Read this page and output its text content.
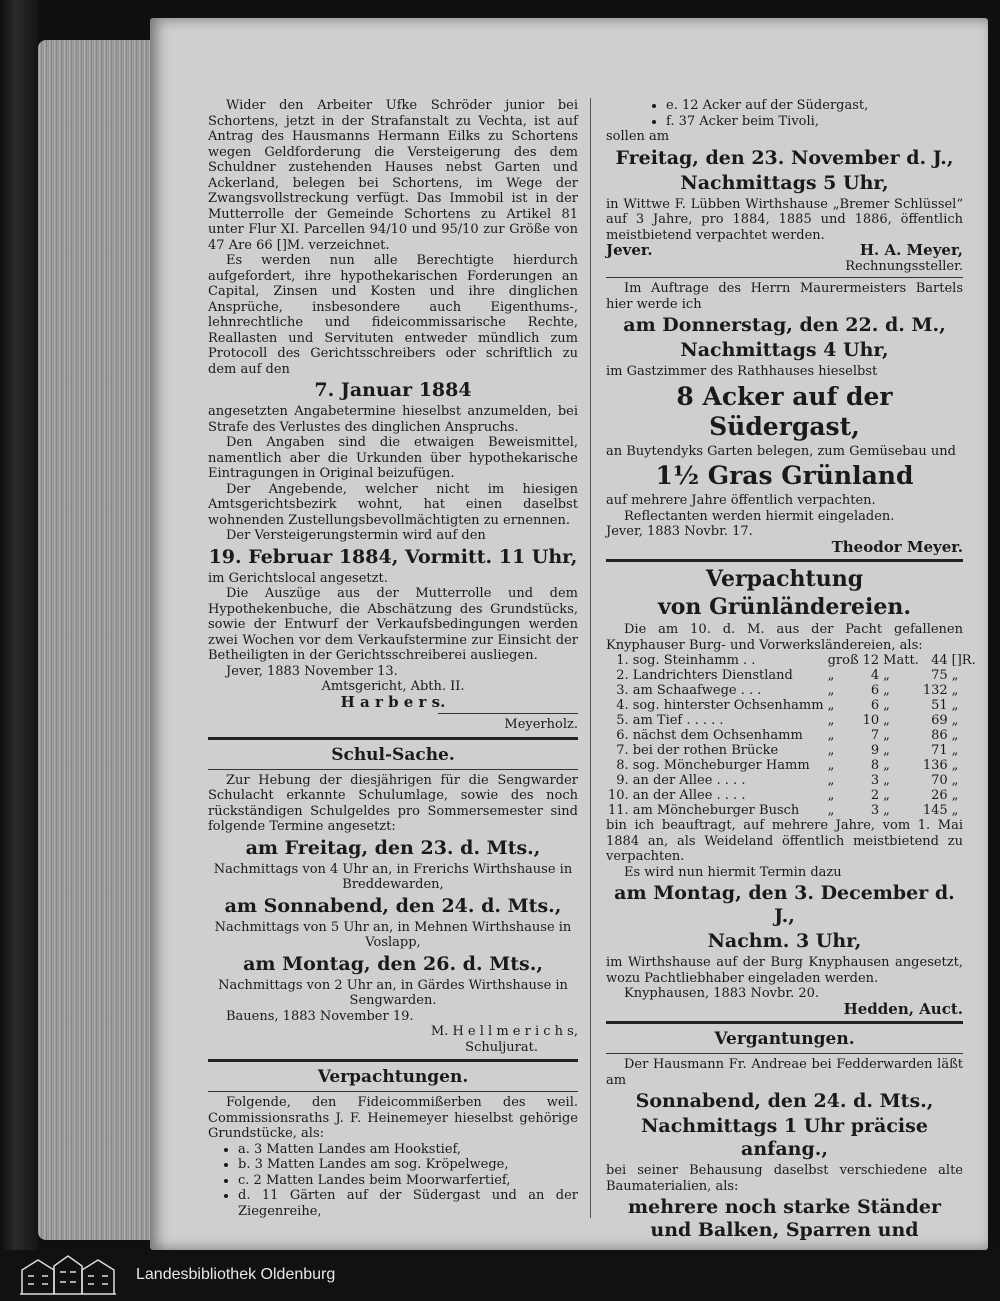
Wider den Arbeiter Ufke Schröder junior bei Schortens, jetzt in der Strafanstalt zu Vechta, ist auf Antrag des Hausmanns Hermann Eilks zu Schortens wegen Geldforderung die Versteigerung des dem Schuldner zustehenden Hauses nebst Garten und Ackerland, belegen bei Schortens, im Wege der Zwangsvollstreckung verfügt. Das Immobil ist in der Mutterrolle der Gemeinde Schortens zu Artikel 81 unter Flur XI. Parcellen 94/10 und 95/10 zur Größe von 47 Are 66 []M. verzeichnet.

Es werden nun alle Berechtigte hierdurch aufgefordert, ihre hypothekarischen Forderungen an Capital, Zinsen und Kosten und ihre dinglichen Ansprüche, insbesondere auch Eigenthums-, lehnrechtliche und fideicommissarische Rechte, Reallasten und Servituten entweder mündlich zum Protocoll des Gerichtsschreibers oder schriftlich zu dem auf den

7. Januar 1884

angesetzten Angabetermine hieselbst anzumelden, bei Strafe des Verlustes des dinglichen Anspruchs.

Den Angaben sind die etwaigen Beweismittel, namentlich aber die Urkunden über hypothekarische Eintragungen in Original beizufügen.

Der Angebende, welcher nicht im hiesigen Amtsgerichtsbezirk wohnt, hat einen daselbst wohnenden Zustellungsbevollmächtigten zu ernennen.

Der Versteigerungstermin wird auf den

19. Februar 1884, Vormitt. 11 Uhr,

im Gerichtslocal angesetzt.

Die Auszüge aus der Mutterrolle und dem Hypothekenbuche, die Abschätzung des Grundstücks, sowie der Entwurf der Verkaufsbedingungen werden zwei Wochen vor dem Verkaufstermine zur Einsicht der Betheiligten in der Gerichtsschreiberei ausliegen.

Jever, 1883 November 13.

Amtsgericht, Abth. II.

H a r b e r s.

Meyerholz.

Schul-Sache.

Zur Hebung der diesjährigen für die Sengwarder Schulacht erkannte Schulumlage, sowie des noch rückständigen Schulgeldes pro Sommersemester sind folgende Termine angesetzt:

am Freitag, den 23. d. Mts.,

Nachmittags von 4 Uhr an, in Frerichs Wirthshause in Breddewarden,

am Sonnabend, den 24. d. Mts.,

Nachmittags von 5 Uhr an, in Mehnen Wirthshause in Voslapp,

am Montag, den 26. d. Mts.,

Nachmittags von 2 Uhr an, in Gärdes Wirthshause in Sengwarden.

Bauens, 1883 November 19.

M. H e l l m e r i c h s,

Schuljurat.

Verpachtungen.

Folgende, den Fideicommißerben des weil. Commissionsraths J. F. Heinemeyer hieselbst gehörige Grundstücke, als:

• a. 3 Matten Landes am Hookstief,
• b. 3 Matten Landes am sog. Kröpelwege,
• c. 2 Matten Landes beim Moorwarfertief,
• d. 11 Gärten auf der Südergast und an der Ziegenreihe,
• e. 12 Acker auf der Südergast,
• f. 37 Acker beim Tivoli,

sollen am

Freitag, den 23. November d. J.,

Nachmittags 5 Uhr,

in Wittwe F. Lübben Wirthshause „Bremer Schlüssel“ auf 3 Jahre, pro 1884, 1885 und 1886, öffentlich meistbietend verpachtet werden.

Jever.	H. A. Meyer,

Rechnungssteller.

Im Auftrage des Herrn Maurermeisters Bartels hier werde ich

am Donnerstag, den 22. d. M.,

Nachmittags 4 Uhr,

im Gastzimmer des Rathhauses hieselbst

8 Acker auf der Südergast,

an Buytendyks Garten belegen, zum Gemüsebau und

1½ Gras Grünland

auf mehrere Jahre öffentlich verpachten.

Reflectanten werden hiermit eingeladen.

Jever, 1883 Novbr. 17.

Theodor Meyer.

Verpachtung

von Grünländereien.

Die am 10. d. M. aus der Pacht gefallenen Knyphauser Burg- und Vorwerksländereien, als:

1.	sog. Steinhamm . .	groß	12	Matt.	44	[]R.
2.	Landrichters Dienstland	„	4	„	75	„
3.	am Schaafwege . . .	„	6	„	132	„
4.	sog. hinterster Ochsenhamm	„	6	„	51	„
5.	am Tief . . . . .	„	10	„	69	„
6.	nächst dem Ochsenhamm	„	7	„	86	„
7.	bei der rothen Brücke	„	9	„	71	„
8.	sog. Möncheburger Hamm	„	8	„	136	„
9.	an der Allee . . . .	„	3	„	70	„
10.	an der Allee . . . .	„	2	„	26	„
11.	am Möncheburger Busch	„	3	„	145	„

bin ich beauftragt, auf mehrere Jahre, vom 1. Mai 1884 an, als Weideland öffentlich meistbietend zu verpachten.

Es wird nun hiermit Termin dazu

am Montag, den 3. December d. J.,

Nachm. 3 Uhr,

im Wirthshause auf der Burg Knyphausen angesetzt, wozu Pachtliebhaber eingeladen werden.

Knyphausen, 1883 Novbr. 20.

Hedden, Auct.

Vergantungen.

Der Hausmann Fr. Andreae bei Fedderwarden läßt am

Sonnabend, den 24. d. Mts.,

Nachmittags 1 Uhr präcise anfang.,

bei seiner Behausung daselbst verschiedene alte Baumaterialien, als:

mehrere noch starke Ständer und Balken, Sparren und

Landesbibliothek Oldenburg
